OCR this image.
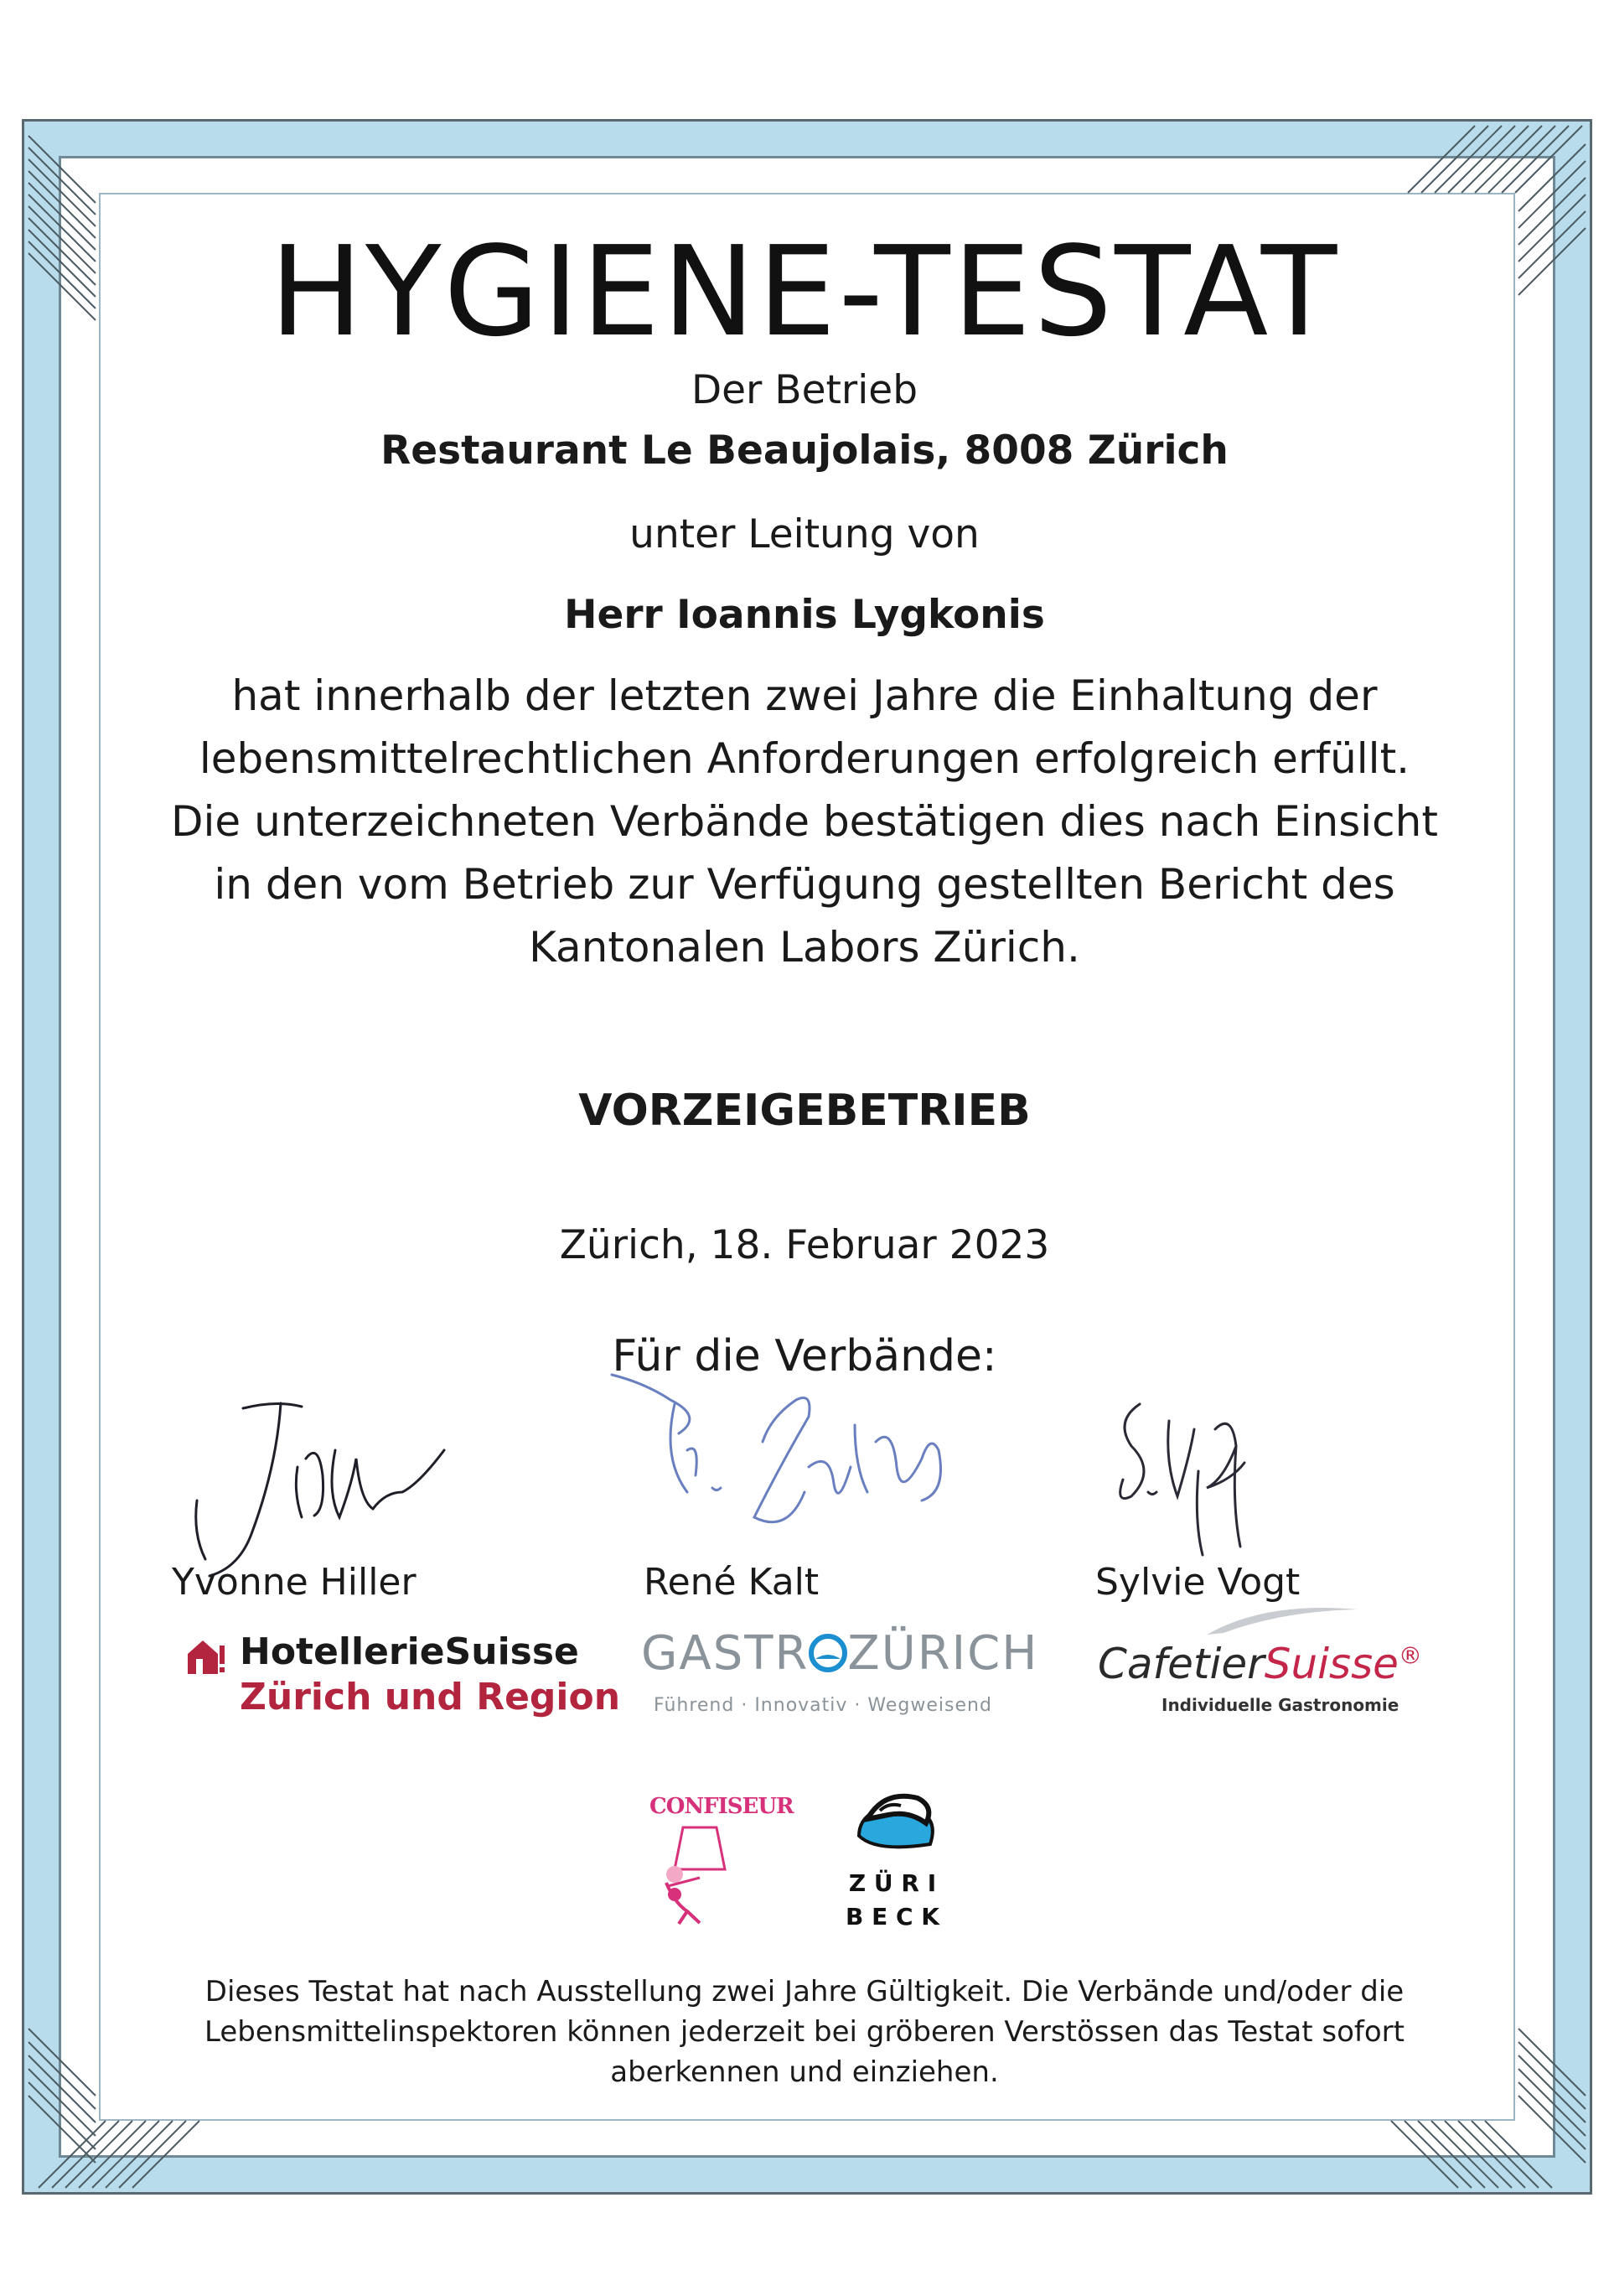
HYGIENE-TESTAT
Der Betrieb
Restaurant Le Beaujolais, 8008 Zürich
unter Leitung von
Herr Ioannis Lygkonis
hat innerhalb der letzten zwei Jahre die Einhaltung der
lebensmittelrechtlichen Anforderungen erfolgreich erfüllt.
Die unterzeichneten Verbände bestätigen dies nach Einsicht
in den vom Betrieb zur Verfügung gestellten Bericht des
Kantonalen Labors Zürich.
VORZEIGEBETRIEB
Zürich, 18. Februar 2023
Für die Verbände:
Yvonne Hiller	René Kalt	Sylvie Vogt
HotellerieSuisse
Zürich und Region
GASTR ZÜRICH
Führend · Innovativ · Wegweisend
CafetierSuisse®
Individuelle Gastronomie
CONFISEUR
Z Ü R I
B E C K
Dieses Testat hat nach Ausstellung zwei Jahre Gültigkeit. Die Verbände und/oder die
Lebensmittelinspektoren können jederzeit bei gröberen Verstössen das Testat sofort
aberkennen und einziehen.
